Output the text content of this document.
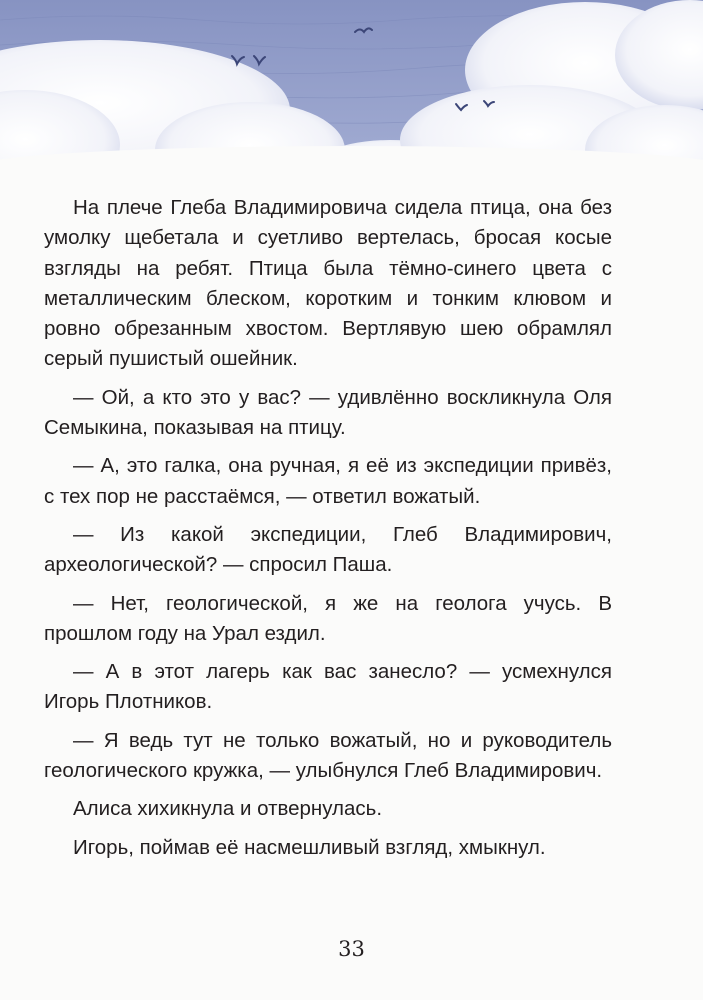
На плече Глеба Владимировича сидела птица, она без умолку щебетала и суетливо вертелась, бросая косые взгляды на ребят. Птица была тёмно-синего цвета с металлическим блеском, коротким и тонким клювом и ровно обрезанным хвостом. Вертлявую шею обрамлял серый пушистый ошейник.

— Ой, а кто это у вас? — удивлённо воскликнула Оля Семыкина, показывая на птицу.

— А, это галка, она ручная, я её из экспедиции привёз, с тех пор не расстаёмся, — ответил вожатый.

— Из какой экспедиции, Глеб Владимирович, археологической? — спросил Паша.

— Нет, геологической, я же на геолога учусь. В прошлом году на Урал ездил.

— А в этот лагерь как вас занесло? — усмехнулся Игорь Плотников.

— Я ведь тут не только вожатый, но и руководитель геологического кружка, — улыбнулся Глеб Владимирович.

Алиса хихикнула и отвернулась.

Игорь, поймав её насмешливый взгляд, хмыкнул.

33
